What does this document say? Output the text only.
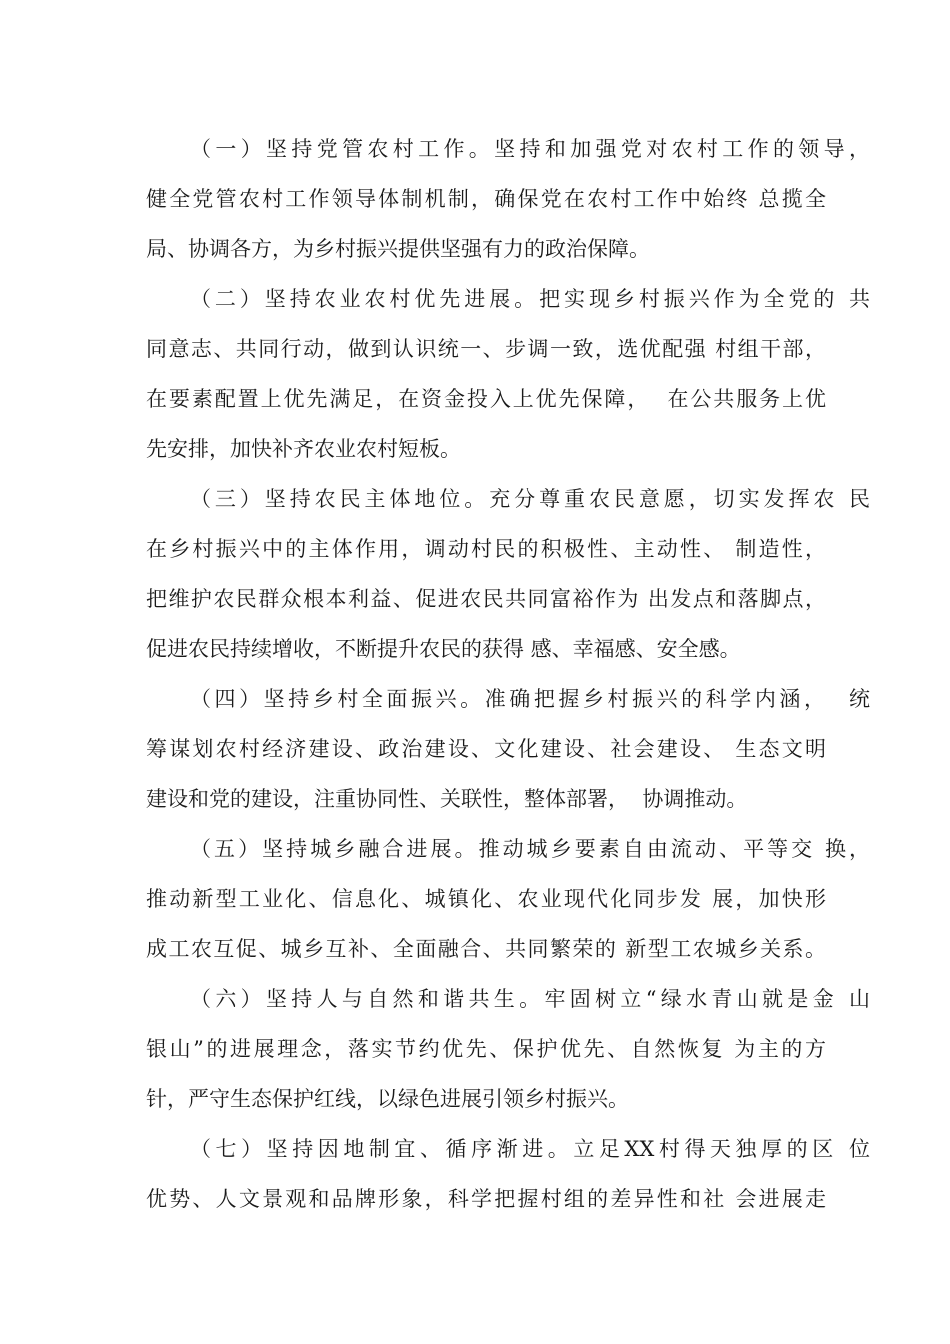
（一）坚持党管农村工作。坚持和加强党对农村工作的领导，
健全党管农村工作领导体制机制，确保党在农村工作中始终 总揽全
局、协调各方，为乡村振兴提供坚强有力的政治保障。
（二）坚持农业农村优先进展。把实现乡村振兴作为全党的 共
同意志、共同行动，做到认识统一、步调一致，选优配强 村组干部，
在要素配置上优先满足，在资金投入上优先保障，  在公共服务上优
先安排，加快补齐农业农村短板。
（三）坚持农民主体地位。充分尊重农民意愿，切实发挥农 民
在乡村振兴中的主体作用，调动村民的积极性、主动性、 制造性，
把维护农民群众根本利益、促进农民共同富裕作为 出发点和落脚点，
促进农民持续增收，不断提升农民的获得 感、幸福感、安全感。
（四）坚持乡村全面振兴。准确把握乡村振兴的科学内涵，  统
筹谋划农村经济建设、政治建设、文化建设、社会建设、 生态文明
建设和党的建设，注重协同性、关联性，整体部署，  协调推动。
（五）坚持城乡融合进展。推动城乡要素自由流动、平等交 换，
推动新型工业化、信息化、城镇化、农业现代化同步发 展，加快形
成工农互促、城乡互补、全面融合、共同繁荣的 新型工农城乡关系。
（六）坚持人与自然和谐共生。牢固树立“绿水青山就是金 山
银山”的进展理念，落实节约优先、保护优先、自然恢复 为主的方
针，严守生态保护红线，以绿色进展引领乡村振兴。
（七）坚持因地制宜、循序渐进。立足XX村得天独厚的区 位
优势、人文景观和品牌形象，科学把握村组的差异性和社 会进展走
